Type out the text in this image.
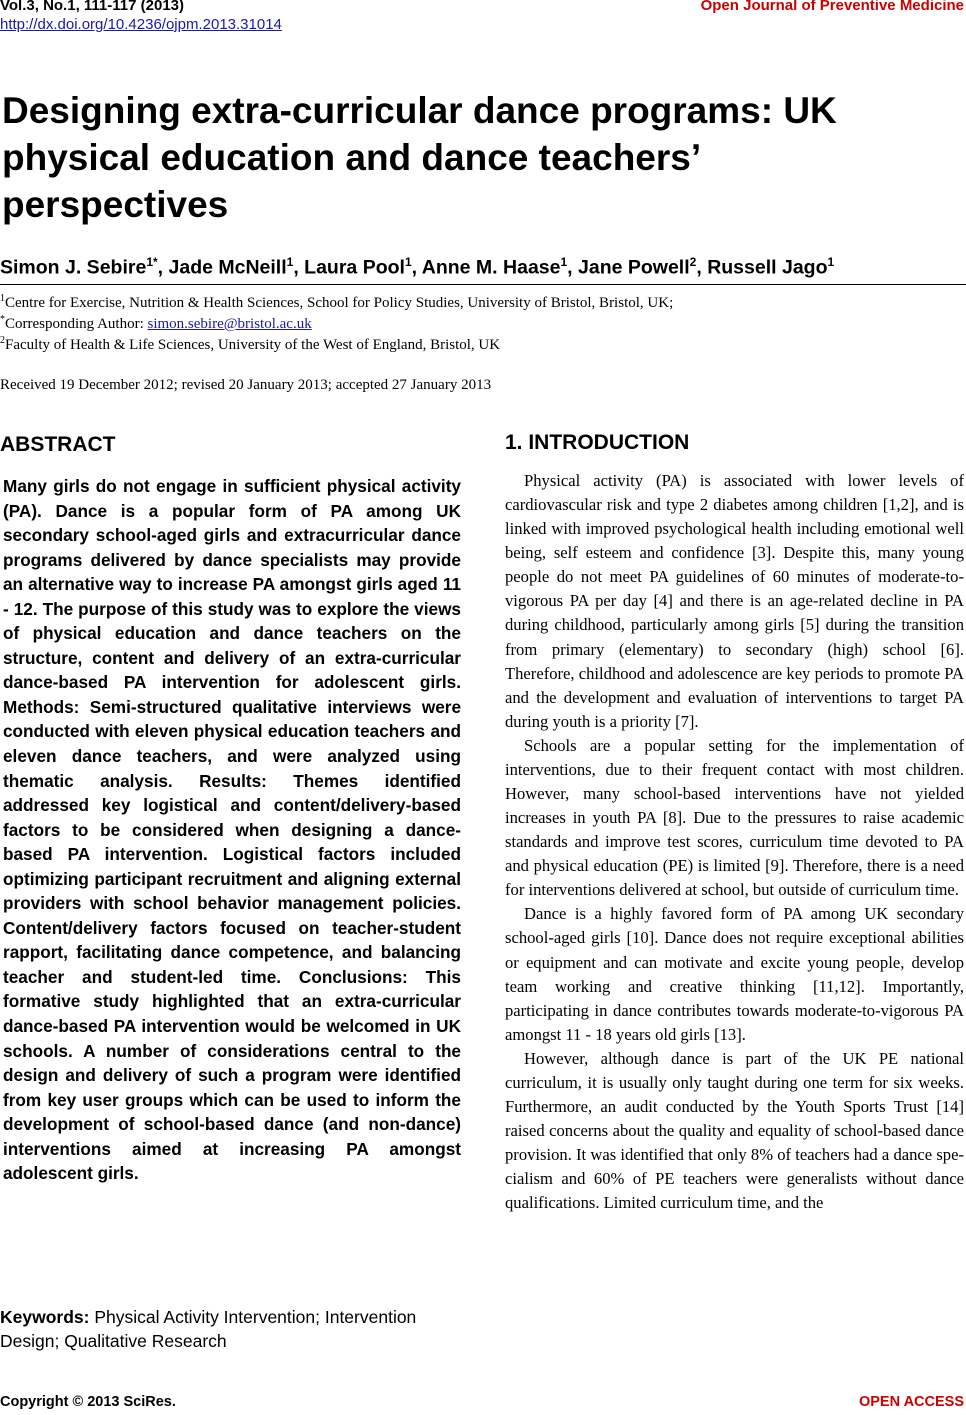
Vol.3, No.1, 111-117 (2013)	Open Journal of Preventive Medicine
http://dx.doi.org/10.4236/ojpm.2013.31014
Designing extra-curricular dance programs: UK physical education and dance teachers’ perspectives
Simon J. Sebire$^{1*}$, Jade McNeill$^1$, Laura Pool$^1$, Anne M. Haase$^1$, Jane Powell$^2$, Russell Jago$^1$
$^1$Centre for Exercise, Nutrition & Health Sciences, School for Policy Studies, University of Bristol, Bristol, UK;
*Corresponding Author: simon.sebire@bristol.ac.uk
$^2$Faculty of Health & Life Sciences, University of the West of England, Bristol, UK
Received 19 December 2012; revised 20 January 2013; accepted 27 January 2013
ABSTRACT

Many girls do not engage in sufficient physical activity (PA). Dance is a popular form of PA among UK secondary school-aged girls and extracurricular dance programs delivered by dance specialists may provide an alternative way to increase PA amongst girls aged 11 - 12. The purpose of this study was to explore the views of physical education and dance teachers on the structure, content and delivery of an extra-curricular dance-based PA intervention for adolescent girls. Methods: Semi-structured qualitative interviews were conducted with eleven physical education teachers and eleven dance teachers, and were analyzed using thematic analysis. Results: Themes identified addressed key logistical and content/delivery-based factors to be considered when designing a dance-based PA intervention. Logistical factors included optimizing participant recruitment and aligning external providers with school behavior management policies. Content/delivery factors focused on teacher-student rapport, facilitating dance competence, and balancing teacher and student-led time. Conclusions: This formative study highlighted that an extra-curricular dance-based PA intervention would be welcomed in UK schools. A number of considerations central to the design and delivery of such a program were identified from key user groups which can be used to inform the development of school-based dance (and non-dance) interventions aimed at increasing PA amongst adolescent girls.

Keywords: Physical Activity Intervention; Intervention Design; Qualitative Research

1. INTRODUCTION

Physical activity (PA) is associated with lower levels of cardiovascular risk and type 2 diabetes among children [1,2], and is linked with improved psychological health including emotional well being, self esteem and confidence [3]. Despite this, many young people do not meet PA guidelines of 60 minutes of moderate-to-vigorous PA per day [4] and there is an age-related decline in PA during childhood, particularly among girls [5] during the transition from primary (elementary) to secondary (high) school [6]. Therefore, childhood and adolescence are key periods to promote PA and the development and evaluation of interventions to target PA during youth is a priority [7].

Schools are a popular setting for the implementation of interventions, due to their frequent contact with most children. However, many school-based interventions have not yielded increases in youth PA [8]. Due to the pressures to raise academic standards and improve test scores, curriculum time devoted to PA and physical education (PE) is limited [9]. Therefore, there is a need for interventions delivered at school, but outside of curriculum time.

Dance is a highly favored form of PA among UK secondary school-aged girls [10]. Dance does not require exceptional abilities or equipment and can motivate and excite young people, develop team working and creative thinking [11,12]. Importantly, participating in dance contributes towards moderate-to-vigorous PA amongst 11 - 18 years old girls [13].

However, although dance is part of the UK PE national curriculum, it is usually only taught during one term for six weeks. Furthermore, an audit conducted by the Youth Sports Trust [14] raised concerns about the quality and equality of school-based dance provision. It was identified that only 8% of teachers had a dance specialism and 60% of PE teachers were generalists without dance qualifications. Limited curriculum time, and the

Copyright © 2013 SciRes.	OPEN ACCESS
